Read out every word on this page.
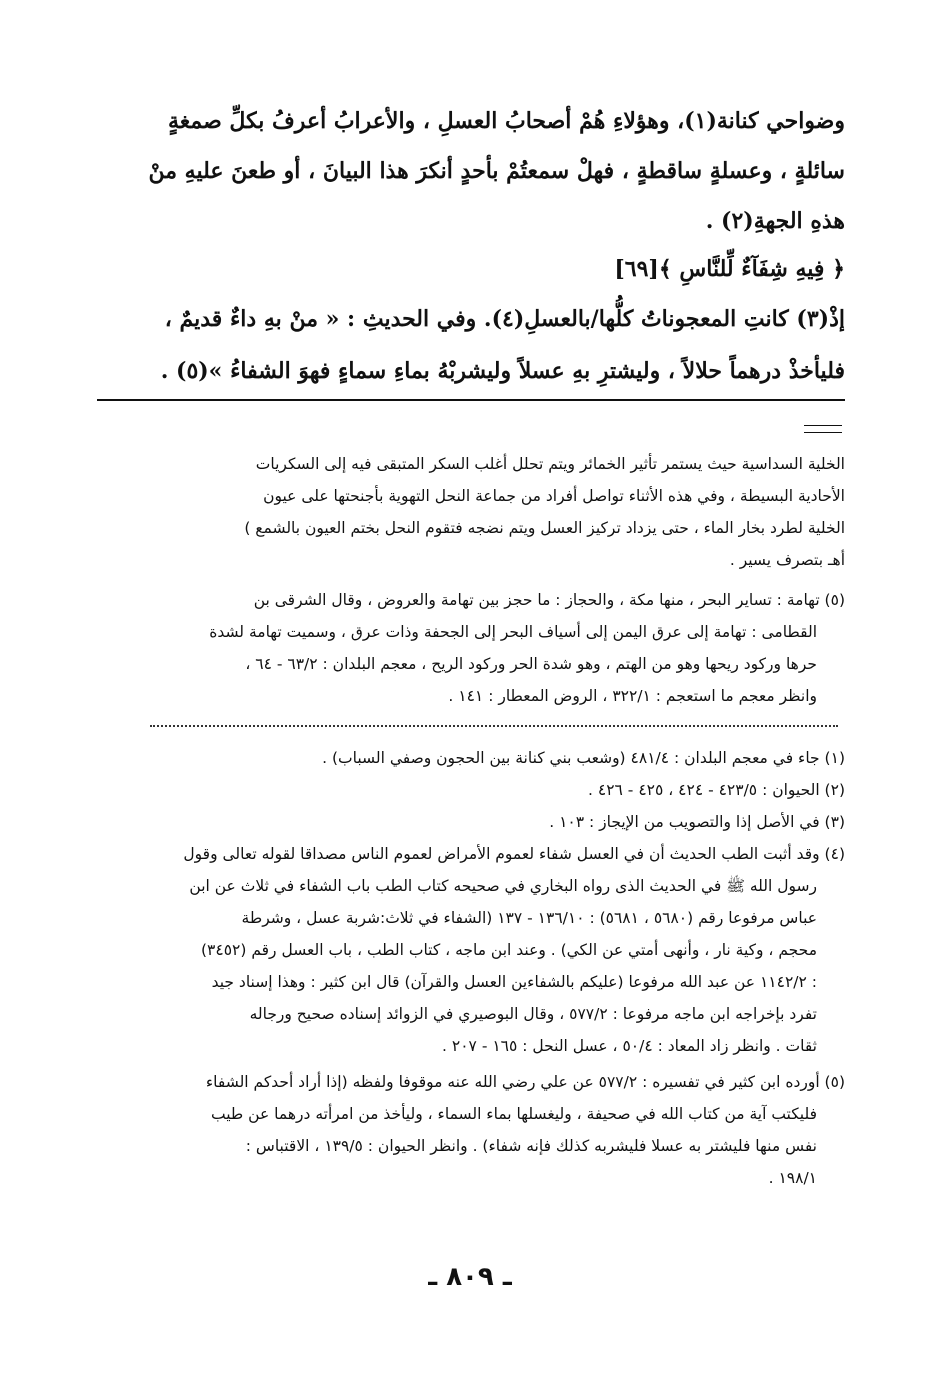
وضواحي كنانة(١)، وهؤلاءِ هُمْ أصحابُ العسلِ ، والأعرابُ أعرفُ بكلِّ صمغةٍ
سائلةٍ ، وعسلةٍ ساقطةٍ ، فهلْ سمعتُمْ بأحدٍ أنكرَ هذا البيانَ ، أو طعنَ عليهِ منْ
هذهِ الجهةِ(٢) .
﴿ فِيهِ شِفَآءٌ لِّلنَّاسِ ﴾[٦٩]
إذْ(٣) كانتِ المعجوناتُ كلُّها/بالعسلِ(٤). وفي الحديثِ : « منْ بهِ داءٌ قديمٌ ،
فليأخذْ درهماً حلالاً ، وليشترِ بهِ عسلاً وليشربْهُ بماءِ سماءٍ فهوَ الشفاءُ »(٥) .
الخلية السداسية حيث يستمر تأثير الخمائر ويتم تحلل أغلب السكر المتبقى فيه إلى السكريات
الأحادية البسيطة ، وفي هذه الأثناء تواصل أفراد من جماعة النحل التهوية بأجنحتها على عيون
الخلية لطرد بخار الماء ، حتى يزداد تركيز العسل ويتم نضجه فتقوم النحل بختم العيون بالشمع )
أهـ بتصرف يسير .
(٥) تهامة : تساير البحر ، منها مكة ، والحجاز : ما حجز بين تهامة والعروض ، وقال الشرقى بن
القطامى : تهامة إلى عرق اليمن إلى أسياف البحر إلى الجحفة وذات عرق ، وسميت تهامة لشدة
حرها وركود ريحها وهو من الهتم ، وهو شدة الحر وركود الريح ، معجم البلدان : ٦٣/٢ - ٦٤ ،
وانظر معجم ما استعجم : ٣٢٢/١ ، الروض المعطار : ١٤١ .
(١) جاء في معجم البلدان : ٤٨١/٤ (وشعب بني كنانة بين الحجون وصفي السباب) .
(٢) الحيوان : ٤٢٣/٥ - ٤٢٤ ، ٤٢٥ - ٤٢٦ .
(٣) في الأصل إذا والتصويب من الإيجاز : ١٠٣ .
(٤) وقد أثبت الطب الحديث أن في العسل شفاء لعموم الأمراض لعموم الناس مصداقا لقوله تعالى وقول
رسول الله ﷺ في الحديث الذى رواه البخاري في صحيحه كتاب الطب باب الشفاء في ثلاث عن ابن
عباس مرفوعا رقم (٥٦٨٠ ، ٥٦٨١) : ١٣٦/١٠ - ١٣٧ (الشفاء في ثلاث:شربة عسل ، وشرطة
محجم ، وكية نار ، وأنهى أمتي عن الكي) . وعند ابن ماجه ، كتاب الطب ، باب العسل رقم (٣٤٥٢)
: ١١٤٢/٢ عن عبد الله مرفوعا (عليكم بالشفاءين العسل والقرآن) قال ابن كثير : وهذا إسناد جيد
تفرد بإخراجه ابن ماجه مرفوعا : ٥٧٧/٢ ، وقال البوصيري في الزوائد إسناده صحيح ورجاله
ثقات . وانظر زاد المعاد : ٥٠/٤ ، عسل النحل : ١٦٥ - ٢٠٧ .
(٥) أورده ابن كثير في تفسيره : ٥٧٧/٢ عن علي رضي الله عنه موقوفا ولفظه (إذا أراد أحدكم الشفاء
فليكتب آية من كتاب الله في صحيفة ، وليغسلها بماء السماء ، وليأخذ من امرأته درهما عن طيب
نفس منها فليشتر به عسلا فليشربه كذلك فإنه شفاء) . وانظر الحيوان : ١٣٩/٥ ، الاقتباس :
١٩٨/١ .
ـ ٨٠٩ ـ
